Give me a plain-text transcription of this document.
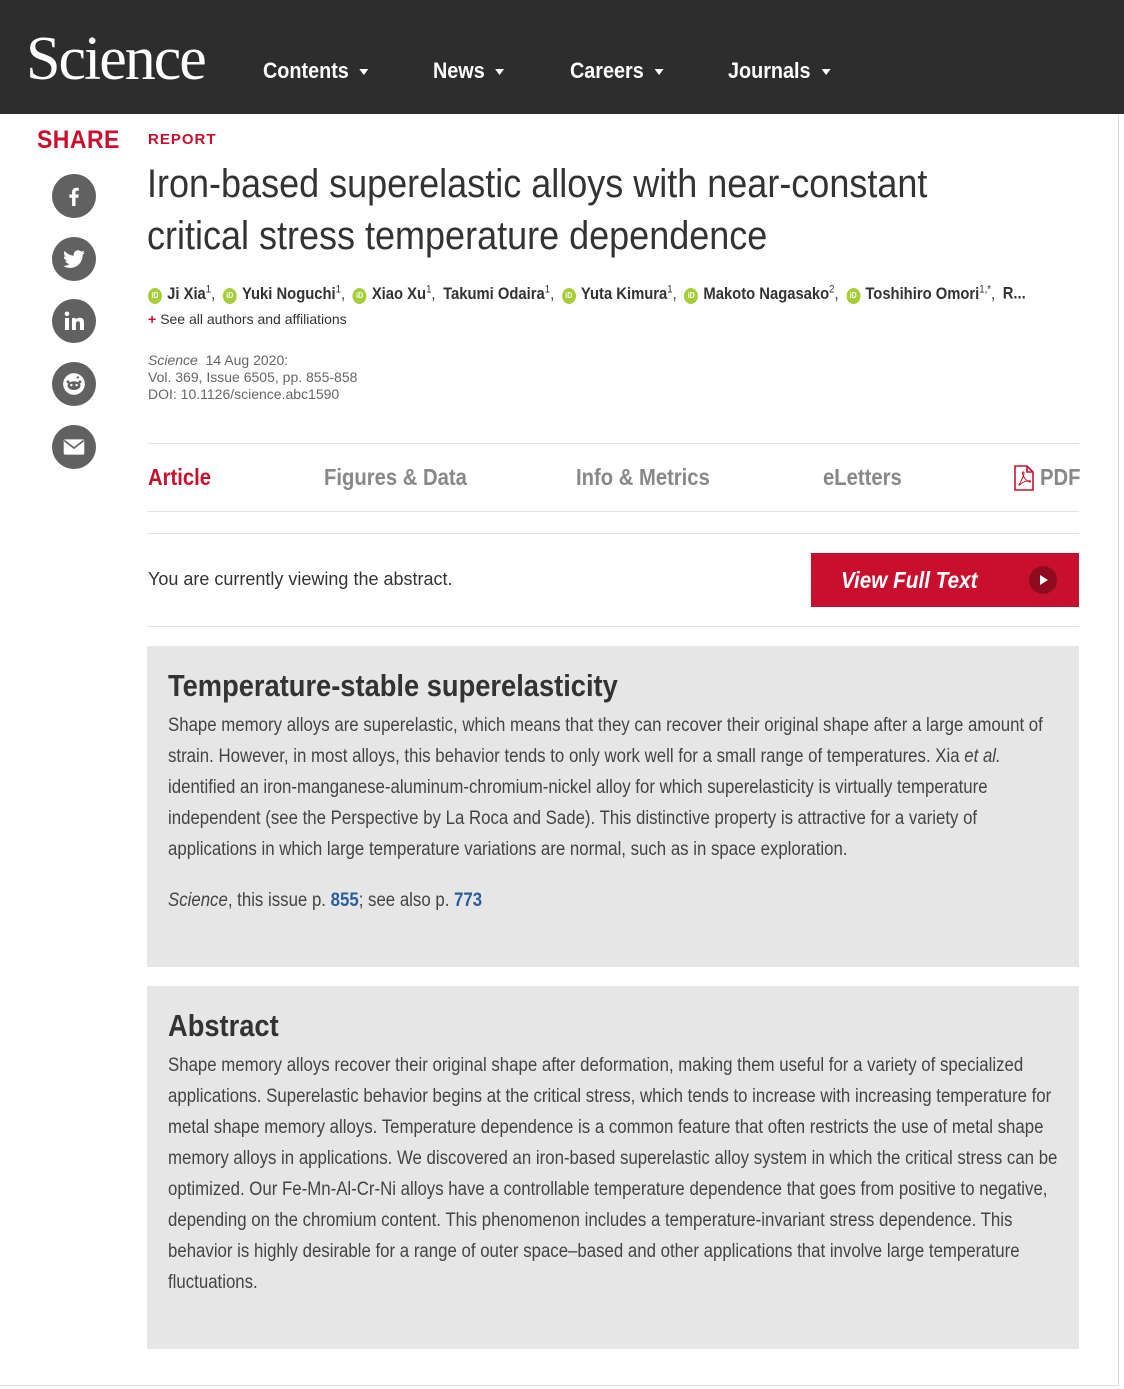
Science	Contents	News	Careers	Journals
SHARE REPORT
Iron-based superelastic alloys with near-constant
critical stress temperature dependence
iD Ji Xia$^1$, iD Yuki Noguchi$^1$, iD Xiao Xu$^1$, Takumi Odaira$^1$, iD Yuta Kimura$^1$, iD Makoto Nagasako$^2$, iD Toshihiro Omori$^{1,*}$, R...
+ See all authors and affiliations
Science 14 Aug 2020:
Vol. 369, Issue 6505, pp. 855-858
DOI: 10.1126/science.abc1590
Article	Figures & Data	Info & Metrics	eLetters	PDF
You are currently viewing the abstract.	View Full Text
Temperature-stable superelasticity

Shape memory alloys are superelastic, which means that they can recover their original shape after a large amount of strain. However, in most alloys, this behavior tends to only work well for a small range of temperatures. Xia et al. identified an iron-manganese-aluminum-chromium-nickel alloy for which superelasticity is virtually temperature independent (see the Perspective by La Roca and Sade). This distinctive property is attractive for a variety of applications in which large temperature variations are normal, such as in space exploration.

Science, this issue p. 855; see also p. 773

Abstract

Shape memory alloys recover their original shape after deformation, making them useful for a variety of specialized applications. Superelastic behavior begins at the critical stress, which tends to increase with increasing temperature for metal shape memory alloys. Temperature dependence is a common feature that often restricts the use of metal shape memory alloys in applications. We discovered an iron-based superelastic alloy system in which the critical stress can be optimized. Our Fe-Mn-Al-Cr-Ni alloys have a controllable temperature dependence that goes from positive to negative, depending on the chromium content. This phenomenon includes a temperature-invariant stress dependence. This behavior is highly desirable for a range of outer space–based and other applications that involve large temperature fluctuations.
